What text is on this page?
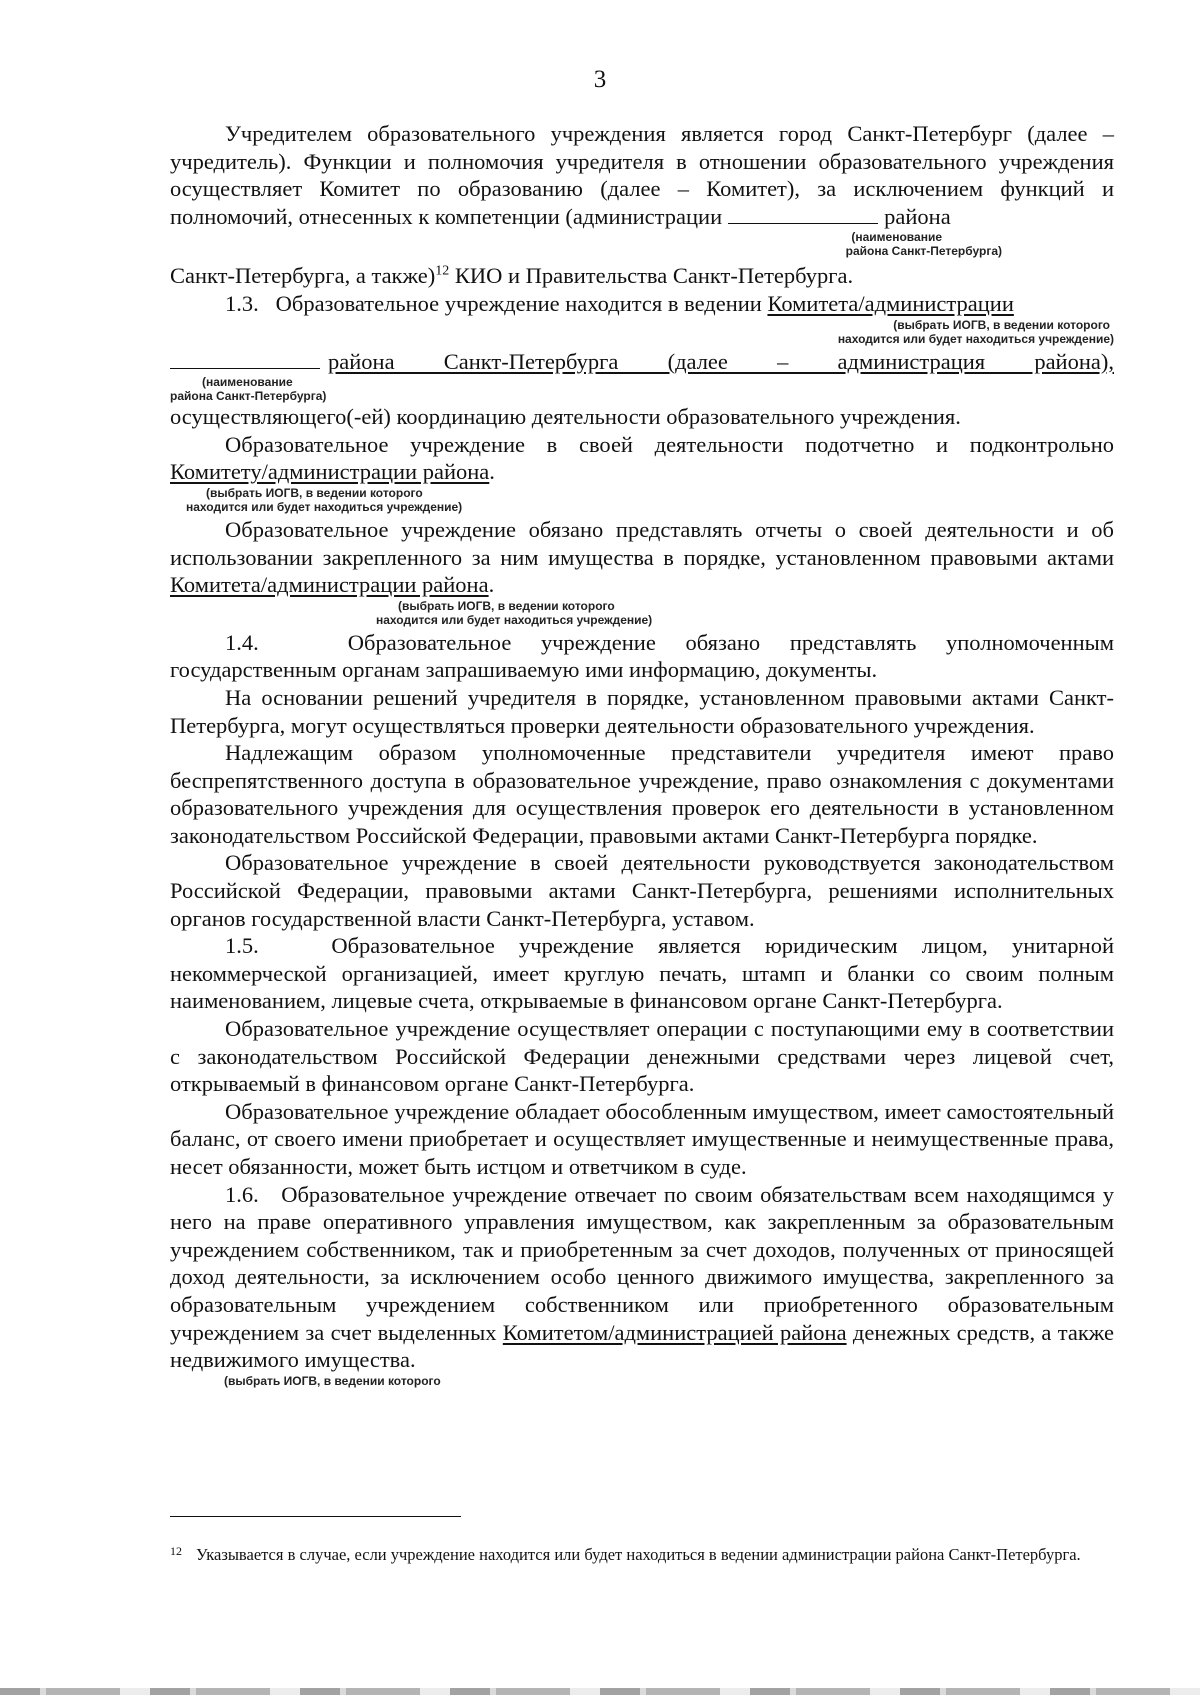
3

Учредителем образовательного учреждения является город Санкт-Петербург (далее – учредитель). Функции и полномочия учредителя в отношении образовательного учреждения осуществляет Комитет по образованию (далее – Комитет), за исключением функций и полномочий, отнесенных к компетенции (администрации	района

(наименование
района Санкт-Петербурга)

Санкт-Петербурга, а также)$^{12}$ КИО и Правительства Санкт-Петербурга.

1.3.   Образовательное учреждение находится в ведении Комитета/администрации

(выбрать ИОГВ, в ведении которого
находится или будет находиться учреждение)
района Санкт-Петербурга (далее – администрация района),
(наименование
района Санкт-Петербурга)

осуществляющего(-ей) координацию деятельности образовательного учреждения.

Образовательное учреждение в своей деятельности подотчетно и подконтрольно

Комитету/администрации района.

(выбрать ИОГВ, в ведении которого
находится или будет находиться учреждение)

Образовательное учреждение обязано представлять отчеты о своей деятельности и об использовании закрепленного за ним имущества в порядке, установленном правовыми актами Комитета/администрации района.

(выбрать ИОГВ, в ведении которого
находится или будет находиться учреждение)

1.4.   Образовательное учреждение обязано представлять уполномоченным государственным органам запрашиваемую ими информацию, документы.

На основании решений учредителя в порядке, установленном правовыми актами Санкт-Петербурга, могут осуществляться проверки деятельности образовательного учреждения.

Надлежащим образом уполномоченные представители учредителя имеют право беспрепятственного доступа в образовательное учреждение, право ознакомления с документами образовательного учреждения для осуществления проверок его деятельности в установленном законодательством Российской Федерации, правовыми актами Санкт-Петербурга порядке.

Образовательное учреждение в своей деятельности руководствуется законодательством Российской Федерации, правовыми актами Санкт-Петербурга, решениями исполнительных органов государственной власти Санкт-Петербурга, уставом.

1.5.   Образовательное учреждение является юридическим лицом, унитарной некоммерческой организацией, имеет круглую печать, штамп и бланки со своим полным наименованием, лицевые счета, открываемые в финансовом органе Санкт-Петербурга.

Образовательное учреждение осуществляет операции с поступающими ему в соответствии с законодательством Российской Федерации денежными средствами через лицевой счет, открываемый в финансовом органе Санкт-Петербурга.

Образовательное учреждение обладает обособленным имуществом, имеет самостоятельный баланс, от своего имени приобретает и осуществляет имущественные и неимущественные права, несет обязанности, может быть истцом и ответчиком в суде.

1.6.   Образовательное учреждение отвечает по своим обязательствам всем находящимся у него на праве оперативного управления имуществом, как закрепленным за образовательным учреждением собственником, так и приобретенным за счет доходов, полученных от приносящей доход деятельности, за исключением особо ценного движимого имущества, закрепленного за образовательным учреждением собственником или приобретенного образовательным учреждением за счет выделенных Комитетом/администрацией района денежных средств, а также недвижимого имущества.

(выбрать ИОГВ, в ведении которого
12 Указывается в случае, если учреждение находится или будет находиться в ведении администрации района Санкт-Петербурга.
